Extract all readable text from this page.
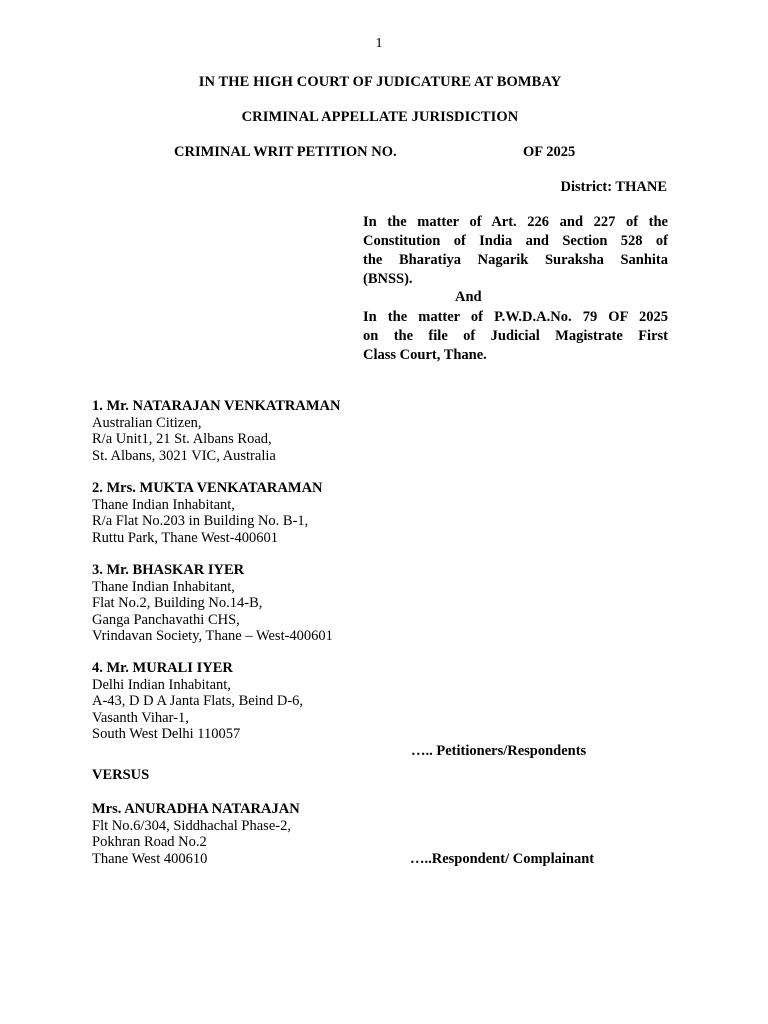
1
IN THE HIGH COURT OF JUDICATURE AT BOMBAY
CRIMINAL APPELLATE JURISDICTION
CRIMINAL WRIT PETITION NO.	OF 2025
District: THANE
In the matter of Art. 226 and 227 of the
Constitution of India and Section 528 of
the Bharatiya Nagarik Suraksha Sanhita
(BNSS).
And
In the matter of P.W.D.A.No. 79 OF 2025
on the file of Judicial Magistrate First
Class Court, Thane.
1. Mr. NATARAJAN VENKATRAMAN
Australian Citizen,
R/a Unit1, 21 St. Albans Road,
St. Albans, 3021 VIC, Australia
2. Mrs. MUKTA VENKATARAMAN
Thane Indian Inhabitant,
R/a Flat No.203 in Building No. B-1,
Ruttu Park, Thane West-400601
3. Mr. BHASKAR IYER
Thane Indian Inhabitant,
Flat No.2, Building No.14-B,
Ganga Panchavathi CHS,
Vrindavan Society, Thane – West-400601
4. Mr. MURALI IYER
Delhi Indian Inhabitant,
A-43, D D A Janta Flats, Beind D-6,
Vasanth Vihar-1,
South West Delhi 110057
….. Petitioners/Respondents
VERSUS
Mrs. ANURADHA NATARAJAN
Flt No.6/304, Siddhachal Phase-2,
Pokhran Road No.2
Thane West 400610	…..Respondent/ Complainant
